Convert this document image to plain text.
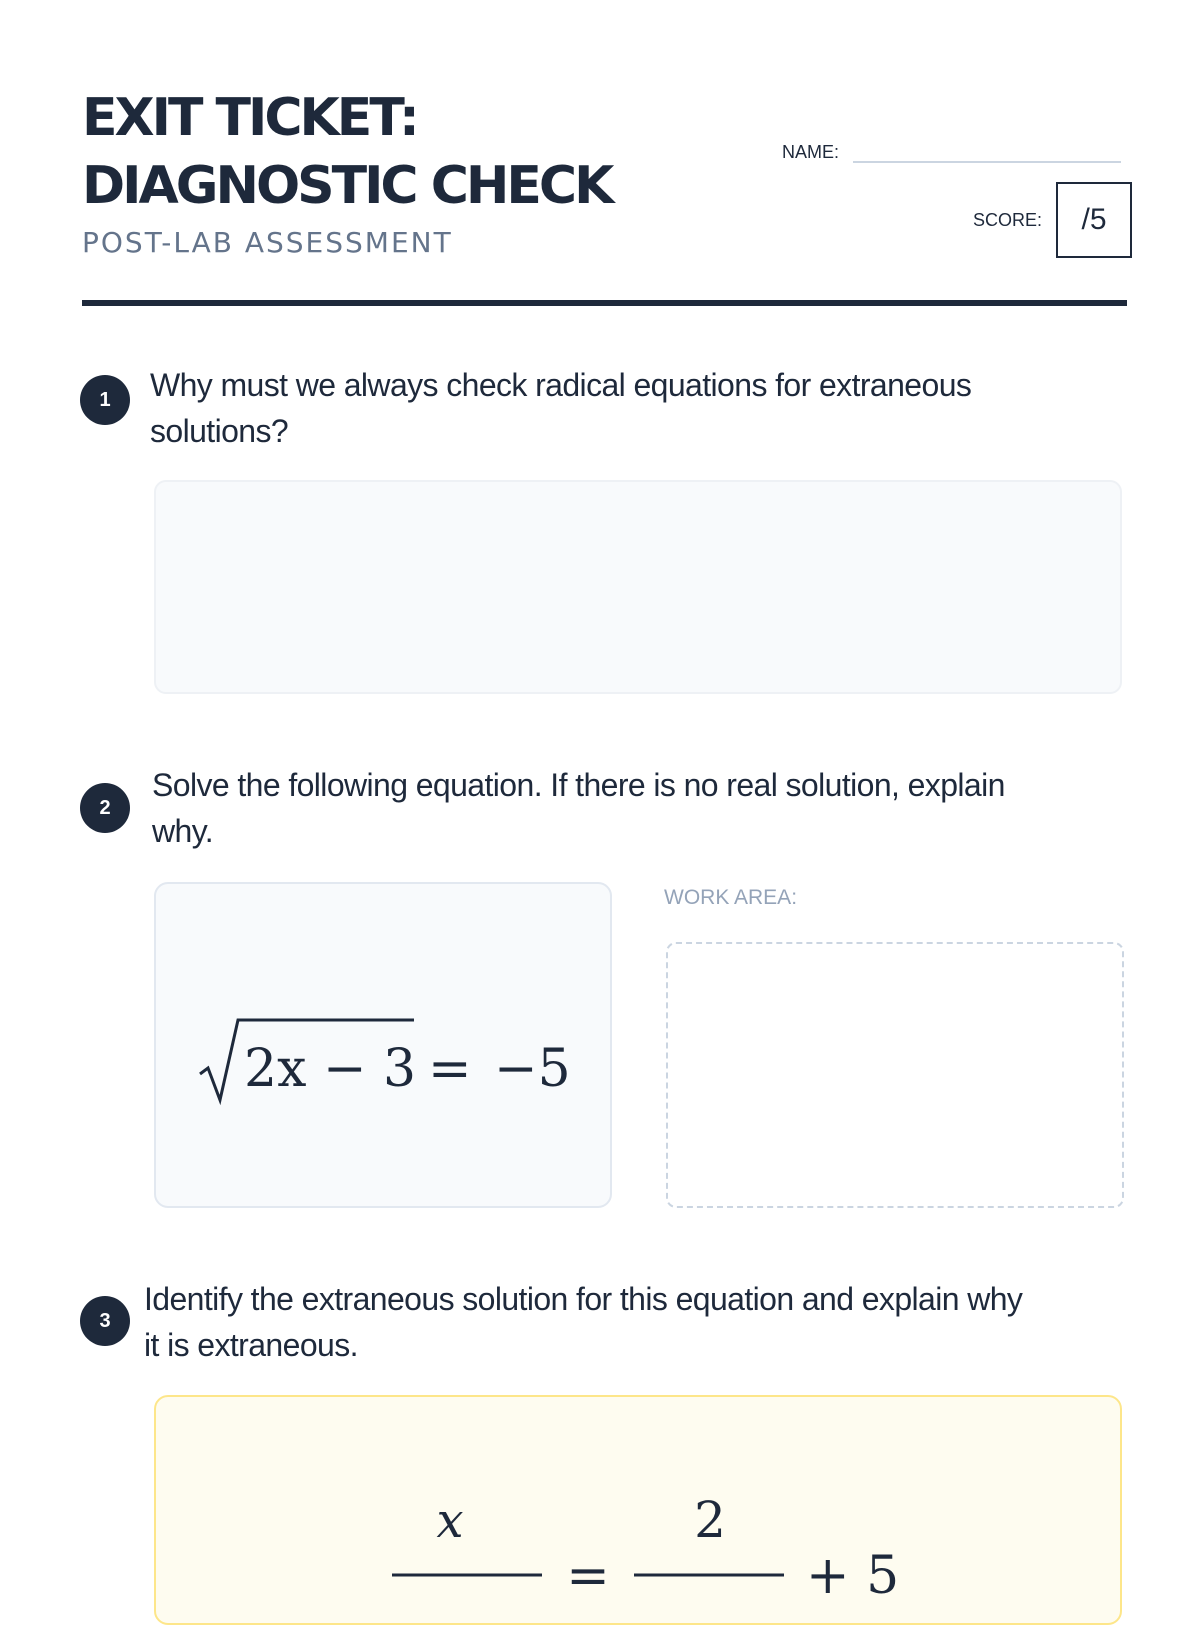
EXIT TICKET:
DIAGNOSTIC CHECK
POST-LAB ASSESSMENT
NAME:
SCORE: /5
1 Why must we always check radical equations for extraneous
solutions?
2
Solve the following equation. If there is no real solution, explain
why.
2x − 3 = −5
WORK AREA:
3
Identify the extraneous solution for this equation and explain why
it is extraneous.
x
=
2
+ 5
